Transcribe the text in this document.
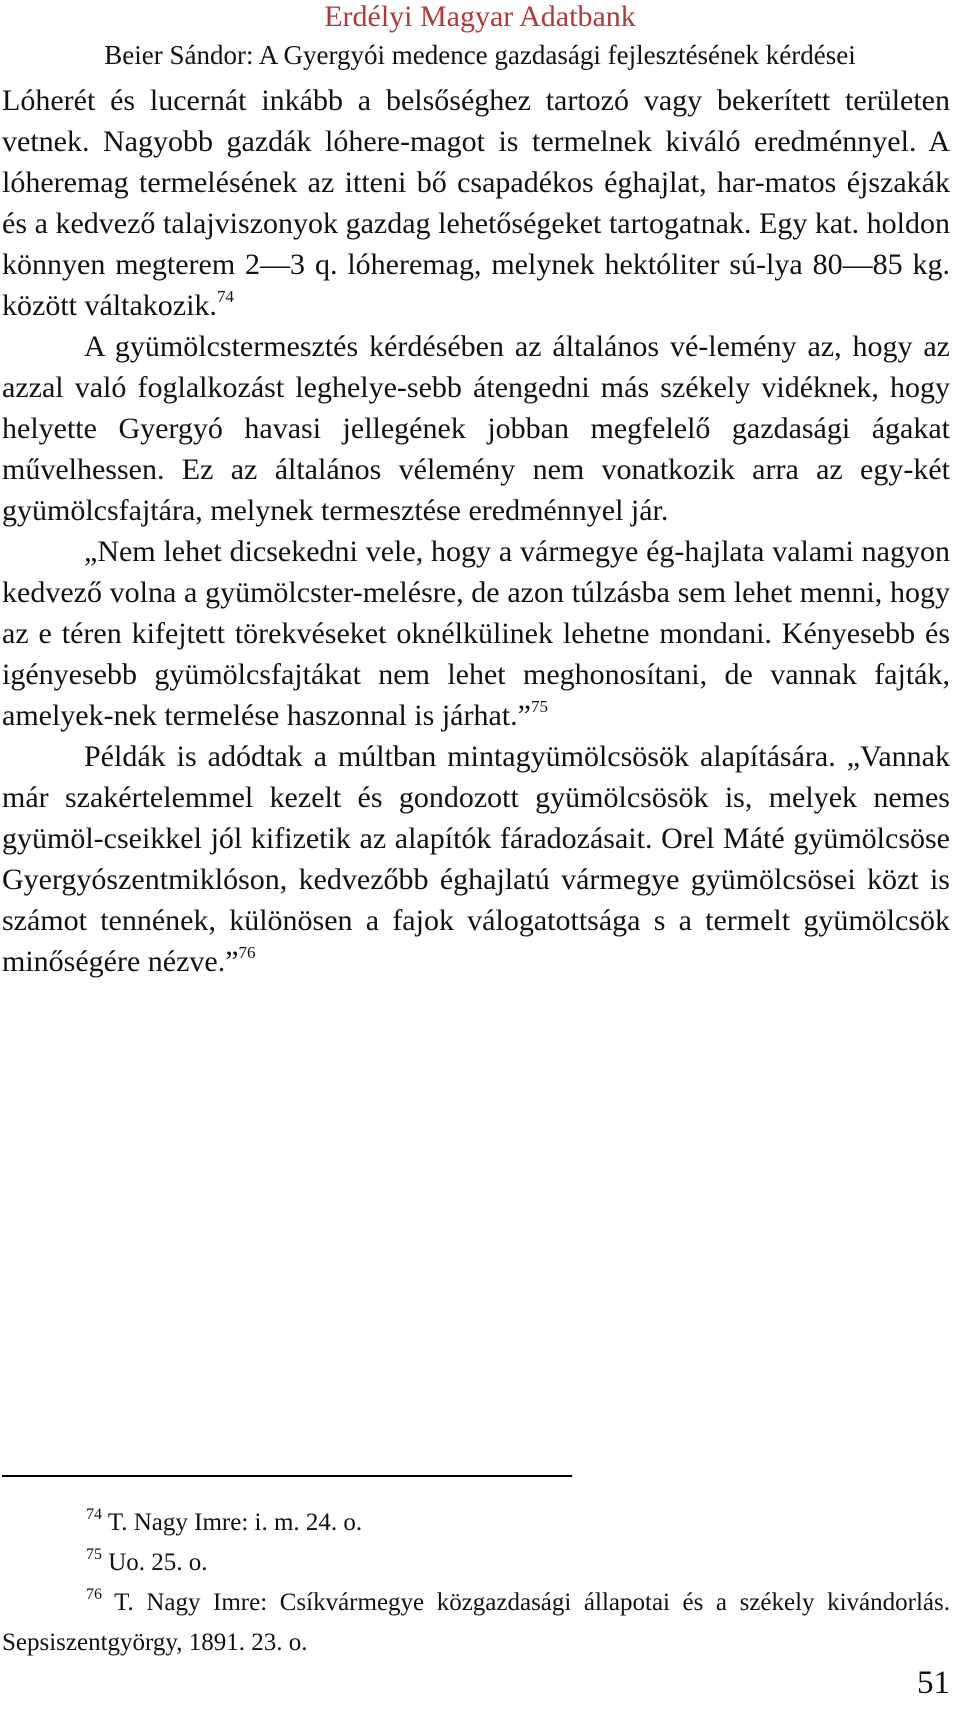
Erdélyi Magyar Adatbank
Beier Sándor: A Gyergyói medence gazdasági fejlesztésének kérdései

Lóherét és lucernát inkább a belsőséghez tartozó vagy bekerített területen vetnek. Nagyobb gazdák lóhere-magot is termelnek kiváló eredménnyel. A lóheremag termelésének az itteni bő csapadékos éghajlat, har-matos éjszakák és a kedvező talajviszonyok gazdag lehetőségeket tartogatnak. Egy kat. holdon könnyen megterem 2—3 q. lóheremag, melynek hektóliter sú-lya 80—85 kg. között váltakozik.$^{74}$

A gyümölcstermesztés kérdésében az általános vé-lemény az, hogy az azzal való foglalkozást leghelye-sebb átengedni más székely vidéknek, hogy helyette Gyergyó havasi jellegének jobban megfelelő gazdasági ágakat művelhessen. Ez az általános vélemény nem vonatkozik arra az egy-két gyümölcsfajtára, melynek termesztése eredménnyel jár.

„Nem lehet dicsekedni vele, hogy a vármegye ég-hajlata valami nagyon kedvező volna a gyümölcster-melésre, de azon túlzásba sem lehet menni, hogy az e téren kifejtett törekvéseket oknélkülinek lehetne mondani. Kényesebb és igényesebb gyümölcsfajtákat nem lehet meghonosítani, de vannak fajták, amelyek-nek termelése haszonnal is járhat.”$^{75}$

Példák is adódtak a múltban mintagyümölcsösök alapítására. „Vannak már szakértelemmel kezelt és gondozott gyümölcsösök is, melyek nemes gyümöl-cseikkel jól kifizetik az alapítók fáradozásait. Orel Máté gyümölcsöse Gyergyószentmiklóson, kedvezőbb éghajlatú vármegye gyümölcsösei közt is számot tennének, különösen a fajok válogatottsága s a termelt gyümölcsök minőségére nézve.”$^{76}$

$^{74}$ T. Nagy Imre: i. m. 24. o.

$^{75}$ Uo. 25. o.

$^{76}$ T. Nagy Imre: Csíkvármegye közgazdasági állapotai és a székely kivándorlás. Sepsiszentgyörgy, 1891. 23. o.

51
